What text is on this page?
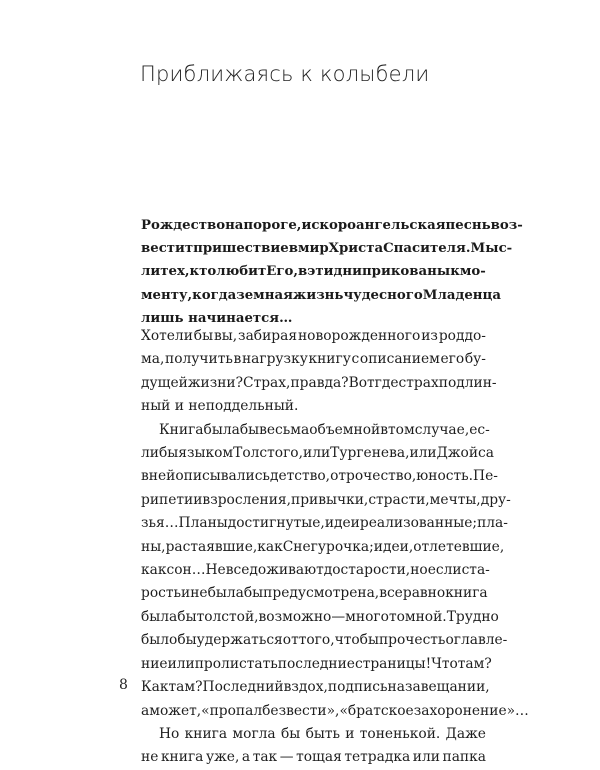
Приближаясь к колыбели
Рождество на пороге, и скоро ангельская песнь воз-
вестит пришествие в мир Христа Спасителя. Мыс-
ли тех, кто любит Его, в эти дни прикованы к мо-
менту, когда земная жизнь чудесного Младенца
лишь начинается…
Хотели бы вы, забирая новорожденного из роддо-
ма, получить в нагрузку книгу с описанием его бу-
дущей жизни? Страх, правда? Вот где страх подлин-
ный и неподдельный.
Книга была бы весьма объемной в том случае, ес-
ли бы языком Толстого, или Тургенева, или Джойса
в ней описывались детство, отрочество, юность. Пе-
рипетии взросления, привычки, страсти, мечты, дру-
зья… Планы достигнутые, идеи реализованные; пла-
ны, растаявшие, как Снегурочка; идеи, отлетевшие,
как сон… Не все доживают до старости, но если ста-
рость и не была бы предусмотрена, все равно книга
была бы толстой, возможно — многотомной. Трудно
было бы удержаться от того, чтобы прочесть оглавле-
ние или пролистать последние страницы! Что там?
Как там? Последний вздох, подпись на завещании,
а может, «пропал без вести», «братское захоронение»…
Но книга могла бы быть и тоненькой. Даже
не книга уже, а так — тощая тетрадка или папка
8
